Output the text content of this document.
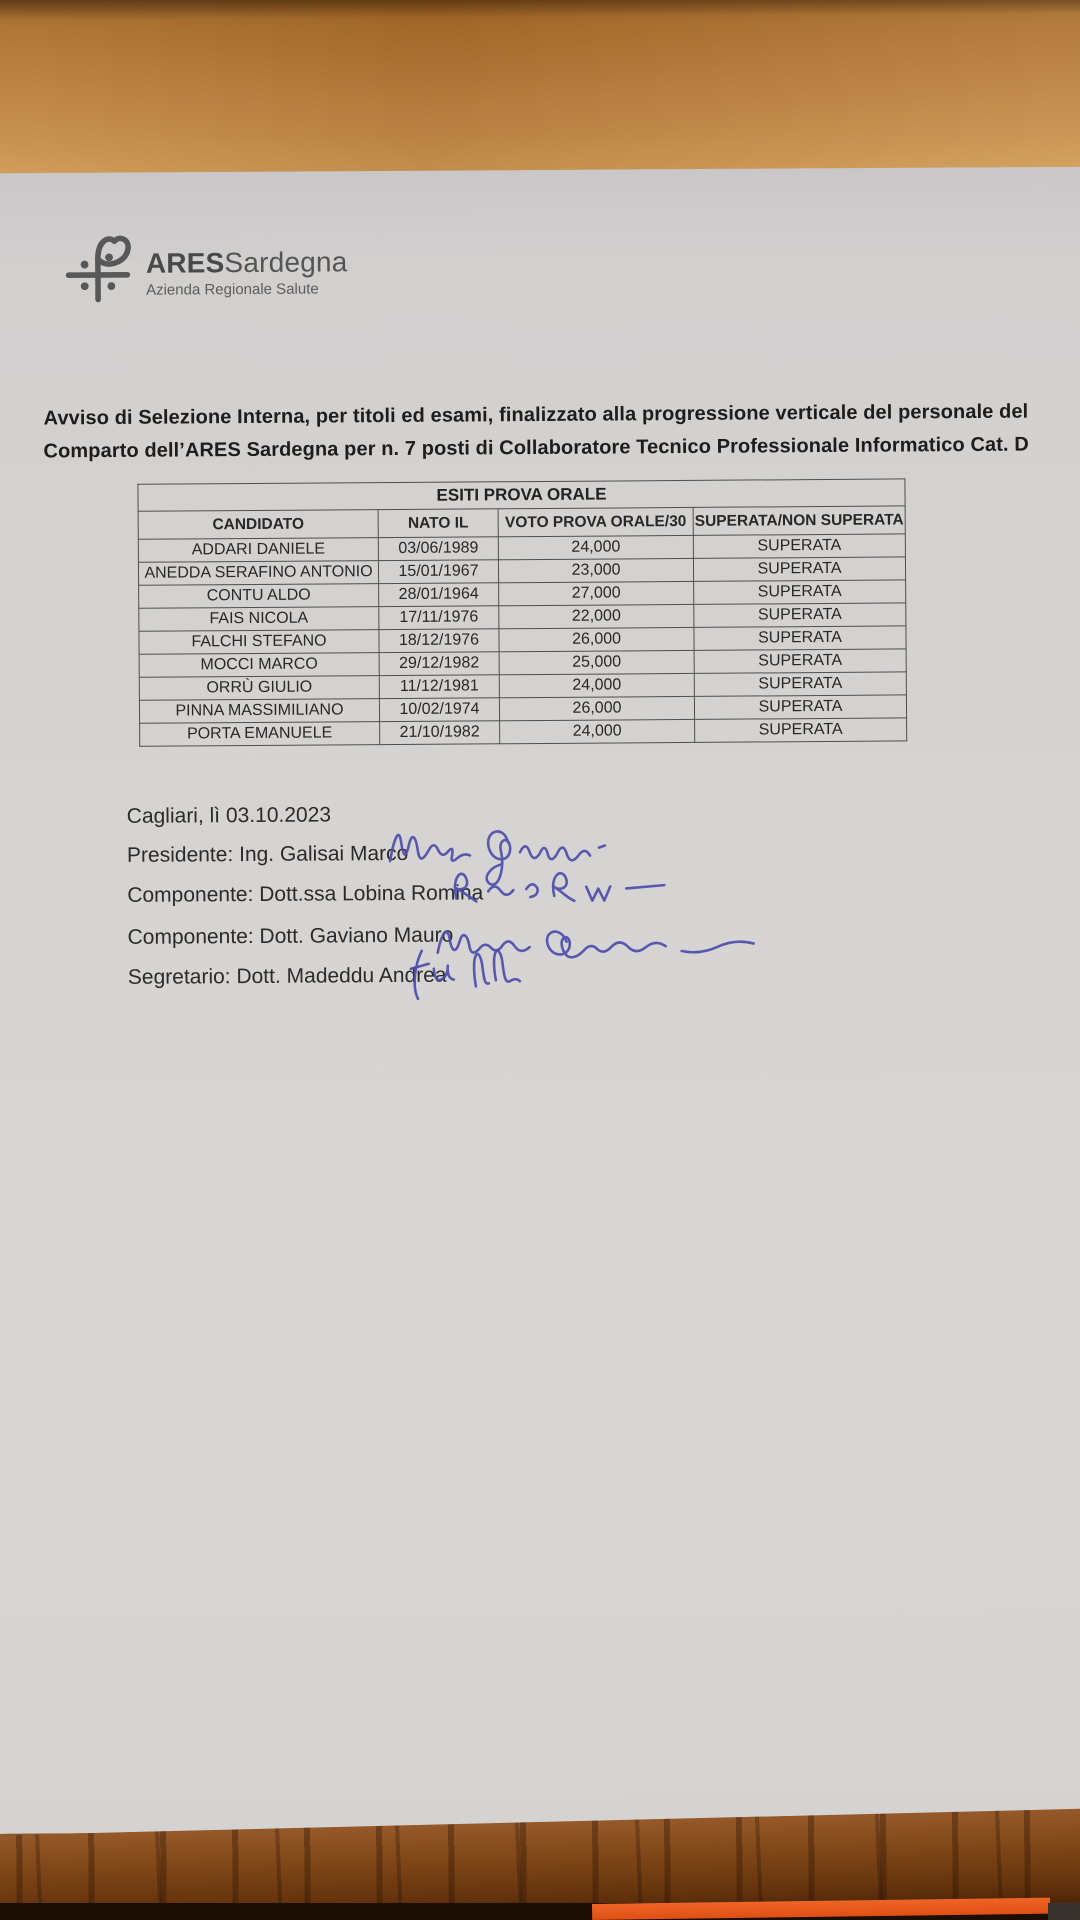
ARESSardegna
Azienda Regionale Salute
Avviso di Selezione Interna, per titoli ed esami, finalizzato alla progressione verticale del personale del
Comparto dell’ARES Sardegna per n. 7 posti di Collaboratore Tecnico Professionale Informatico Cat. D
ESITI PROVA ORALE			
CANDIDATO	NATO IL	VOTO PROVA ORALE/30	SUPERATA/NON SUPERATA
ADDARI DANIELE	03/06/1989	24,000	SUPERATA
ANEDDA SERAFINO ANTONIO	15/01/1967	23,000	SUPERATA
CONTU ALDO	28/01/1964	27,000	SUPERATA
FAIS NICOLA	17/11/1976	22,000	SUPERATA
FALCHI STEFANO	18/12/1976	26,000	SUPERATA
MOCCI MARCO	29/12/1982	25,000	SUPERATA
ORRÙ GIULIO	11/12/1981	24,000	SUPERATA
PINNA MASSIMILIANO	10/02/1974	26,000	SUPERATA
PORTA EMANUELE	21/10/1982	24,000	SUPERATA
Cagliari, lì 03.10.2023
Presidente: Ing. Galisai Marco
Componente: Dott.ssa Lobina Romina
Componente: Dott. Gaviano Mauro
Segretario: Dott. Madeddu Andrea
